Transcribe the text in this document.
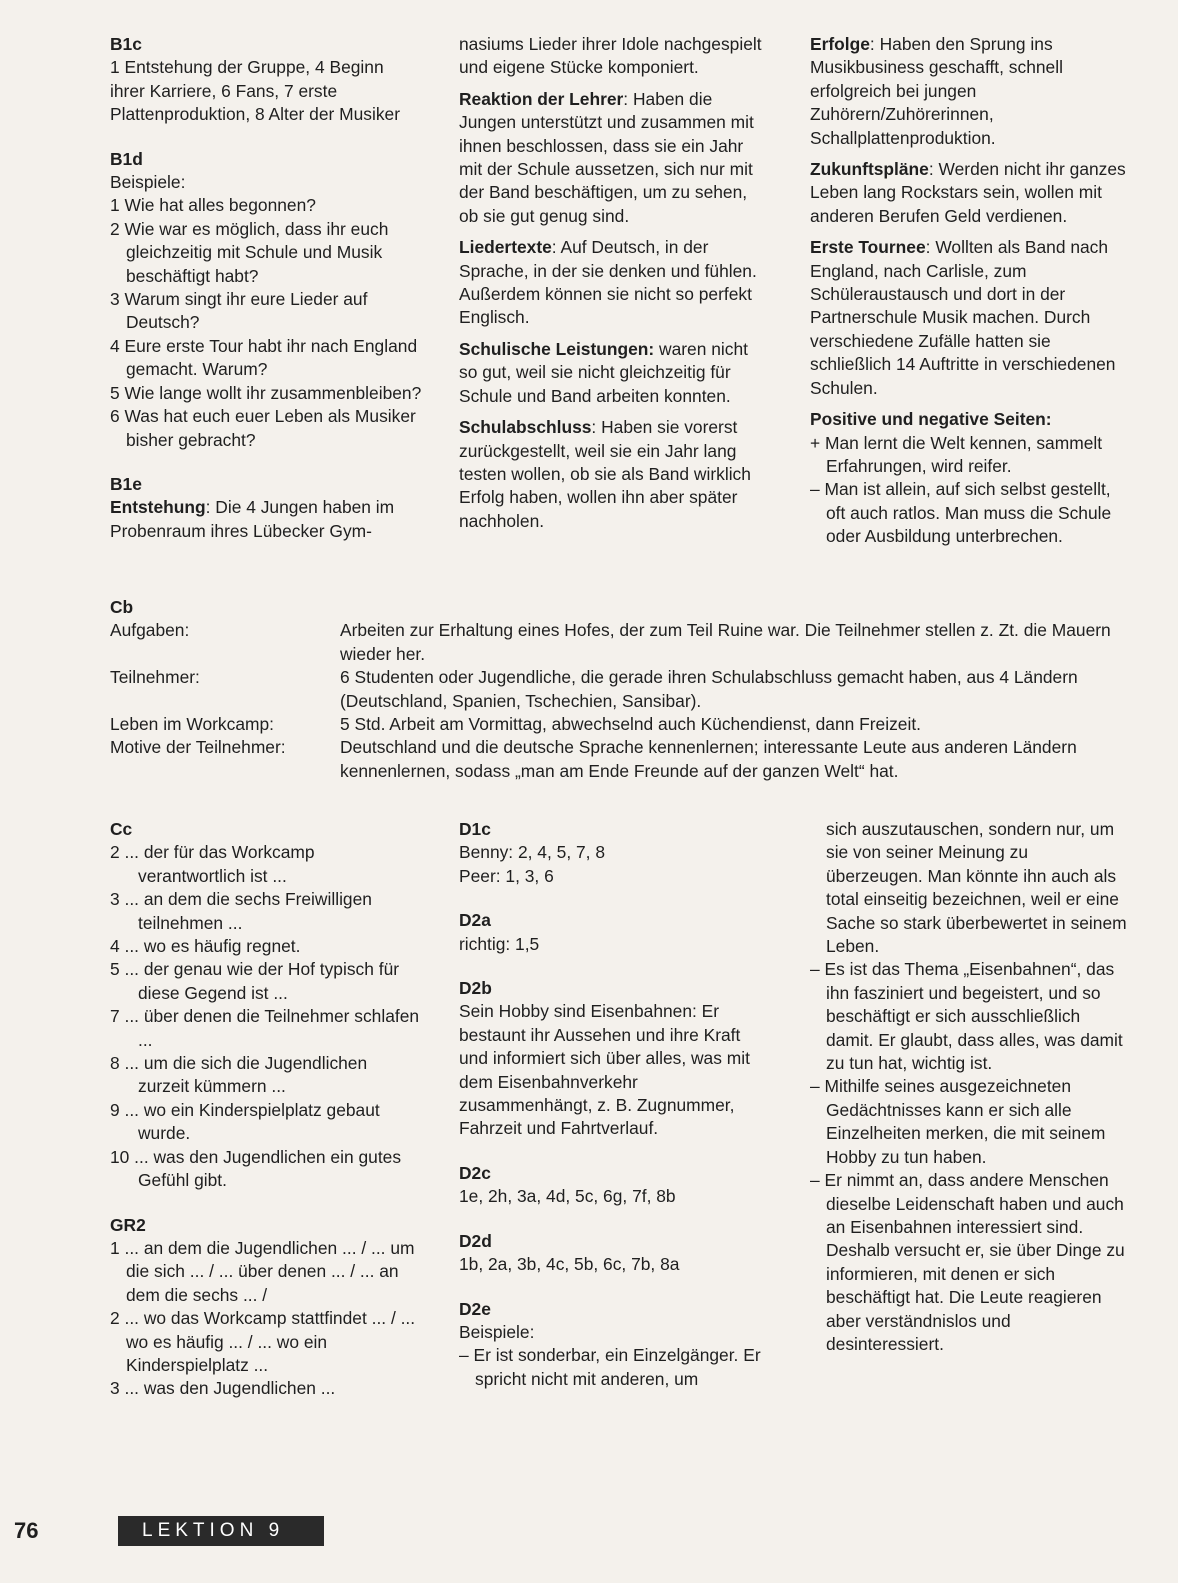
B1c

1 Entstehung der Gruppe, 4 Beginn ihrer Karriere, 6 Fans, 7 erste Plattenproduktion, 8 Alter der Musiker

B1d

Beispiele:

1 Wie hat alles begonnen?
2 Wie war es möglich, dass ihr euch gleichzeitig mit Schule und Musik beschäftigt habt?
3 Warum singt ihr eure Lieder auf Deutsch?
4 Eure erste Tour habt ihr nach England gemacht. Warum?
5 Wie lange wollt ihr zusammenbleiben?
6 Was hat euch euer Leben als Musiker bisher gebracht?

B1e

Entstehung: Die 4 Jungen haben im Probenraum ihres Lübecker Gym-

nasiums Lieder ihrer Idole nachgespielt und eigene Stücke komponiert.

Reaktion der Lehrer: Haben die Jungen unterstützt und zusammen mit ihnen beschlossen, dass sie ein Jahr mit der Schule aussetzen, sich nur mit der Band beschäftigen, um zu sehen, ob sie gut genug sind.

Liedertexte: Auf Deutsch, in der Sprache, in der sie denken und fühlen. Außerdem können sie nicht so perfekt Englisch.

Schulische Leistungen: waren nicht so gut, weil sie nicht gleichzeitig für Schule und Band arbeiten konnten.

Schulabschluss: Haben sie vorerst zurückgestellt, weil sie ein Jahr lang testen wollen, ob sie als Band wirklich Erfolg haben, wollen ihn aber später nachholen.

Erfolge: Haben den Sprung ins Musikbusiness geschafft, schnell erfolgreich bei jungen Zuhörern/Zuhörerinnen, Schallplattenproduktion.

Zukunftspläne: Werden nicht ihr ganzes Leben lang Rockstars sein, wollen mit anderen Berufen Geld verdienen.

Erste Tournee: Wollten als Band nach England, nach Carlisle, zum Schüleraustausch und dort in der Partnerschule Musik machen. Durch verschiedene Zufälle hatten sie schließlich 14 Auftritte in verschiedenen Schulen.

Positive und negative Seiten:

+ Man lernt die Welt kennen, sammelt Erfahrungen, wird reifer.
– Man ist allein, auf sich selbst gestellt, oft auch ratlos. Man muss die Schule oder Ausbildung unterbrechen.

Cb

Aufgaben:	Arbeiten zur Erhaltung eines Hofes, der zum Teil Ruine war. Die Teilnehmer stellen z. Zt. die Mauern wieder her.
Teilnehmer:	6 Studenten oder Jugendliche, die gerade ihren Schulabschluss gemacht haben, aus 4 Ländern (Deutschland, Spanien, Tschechien, Sansibar).
Leben im Workcamp:	5 Std. Arbeit am Vormittag, abwechselnd auch Küchendienst, dann Freizeit.
Motive der Teilnehmer:	Deutschland und die deutsche Sprache kennenlernen; interessante Leute aus anderen Ländern kennenlernen, sodass „man am Ende Freunde auf der ganzen Welt“ hat.

Cc

2 ... der für das Workcamp verantwortlich ist ...
3 ... an dem die sechs Freiwilligen teilnehmen ...
4 ... wo es häufig regnet.
5 ... der genau wie der Hof typisch für diese Gegend ist ...
7 ... über denen die Teilnehmer schlafen ...
8 ... um die sich die Jugendlichen zurzeit kümmern ...
9 ... wo ein Kinderspielplatz gebaut wurde.
10 ... was den Jugendlichen ein gutes Gefühl gibt.

GR2

1 ... an dem die Jugendlichen ... / ... um die sich ... / ... über denen ... / ... an dem die sechs ... /
2 ... wo das Workcamp stattfindet ... / ... wo es häufig ... / ... wo ein Kinderspielplatz ...
3 ... was den Jugendlichen ...

D1c

Benny: 2, 4, 5, 7, 8

Peer: 1, 3, 6

D2a

richtig: 1,5

D2b

Sein Hobby sind Eisenbahnen: Er bestaunt ihr Aussehen und ihre Kraft und informiert sich über alles, was mit dem Eisenbahnverkehr zusammenhängt, z. B. Zugnummer, Fahrzeit und Fahrtverlauf.

D2c

1e, 2h, 3a, 4d, 5c, 6g, 7f, 8b

D2d

1b, 2a, 3b, 4c, 5b, 6c, 7b, 8a

D2e

Beispiele:

– Er ist sonderbar, ein Einzelgänger. Er spricht nicht mit anderen, um

sich auszutauschen, sondern nur, um sie von seiner Meinung zu überzeugen. Man könnte ihn auch als total einseitig bezeichnen, weil er eine Sache so stark überbewertet in seinem Leben.

– Es ist das Thema „Eisenbahnen“, das ihn fasziniert und begeistert, und so beschäftigt er sich ausschließlich damit. Er glaubt, dass alles, was damit zu tun hat, wichtig ist.
– Mithilfe seines ausgezeichneten Gedächtnisses kann er sich alle Einzelheiten merken, die mit seinem Hobby zu tun haben.
– Er nimmt an, dass andere Menschen dieselbe Leidenschaft haben und auch an Eisenbahnen interessiert sind. Deshalb versucht er, sie über Dinge zu informieren, mit denen er sich beschäftigt hat. Die Leute reagieren aber verständnislos und desinteressiert.
76	LEKTION 9
